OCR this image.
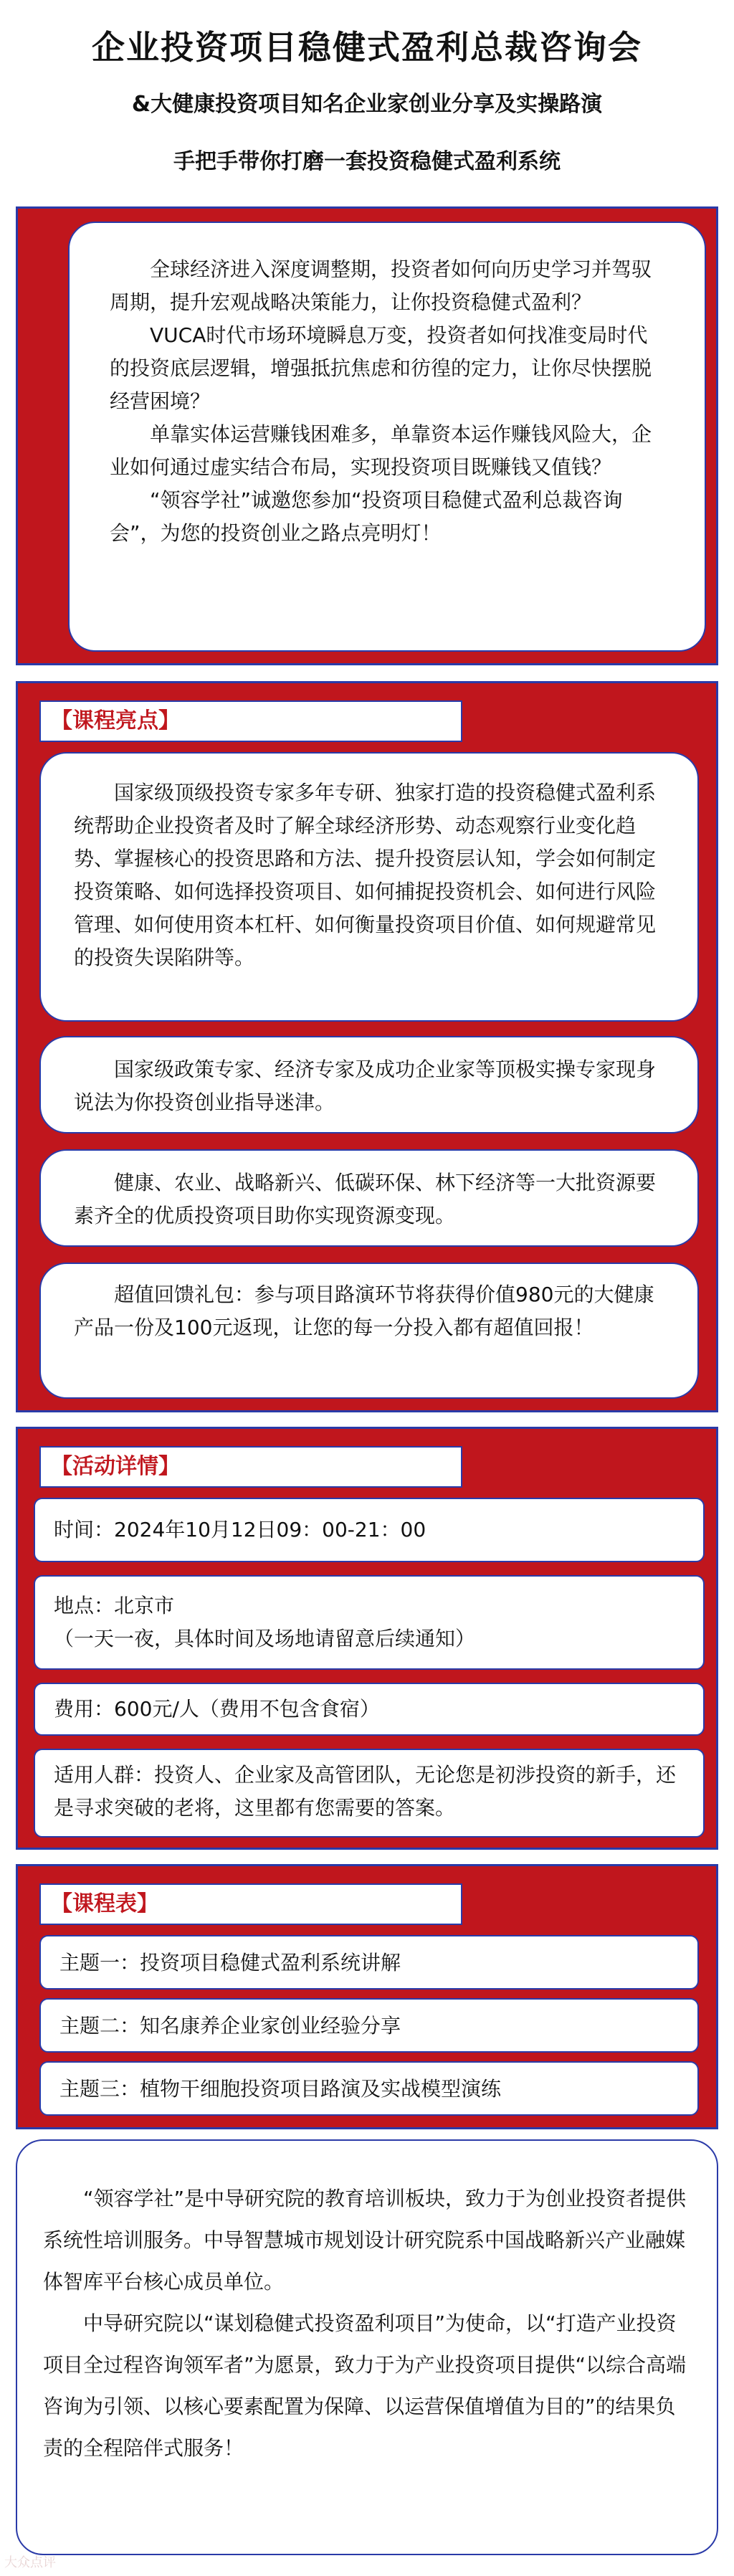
企业投资项目稳健式盈利总裁咨询会
&大健康投资项目知名企业家创业分享及实操路演
手把手带你打磨一套投资稳健式盈利系统

全球经济进入深度调整期，投资者如何向历史学习并驾驭周期，提升宏观战略决策能力，让你投资稳健式盈利？

VUCA时代市场环境瞬息万变，投资者如何找准变局时代的投资底层逻辑，增强抵抗焦虑和彷徨的定力，让你尽快摆脱经营困境？

单靠实体运营赚钱困难多，单靠资本运作赚钱风险大，企业如何通过虚实结合布局，实现投资项目既赚钱又值钱？

“领容学社”诚邀您参加“投资项目稳健式盈利总裁咨询会”，为您的投资创业之路点亮明灯！

【课程亮点】

国家级顶级投资专家多年专研、独家打造的投资稳健式盈利系统帮助企业投资者及时了解全球经济形势、动态观察行业变化趋势、掌握核心的投资思路和方法、提升投资层认知，学会如何制定投资策略、如何选择投资项目、如何捕捉投资机会、如何进行风险管理、如何使用资本杠杆、如何衡量投资项目价值、如何规避常见的投资失误陷阱等。

国家级政策专家、经济专家及成功企业家等顶极实操专家现身说法为你投资创业指导迷津。

健康、农业、战略新兴、低碳环保、林下经济等一大批资源要素齐全的优质投资项目助你实现资源变现。

超值回馈礼包：参与项目路演环节将获得价值980元的大健康产品一份及100元返现，让您的每一分投入都有超值回报！

【活动详情】

时间：2024年10月12日09：00-21：00

地点：北京市

（一天一夜，具体时间及场地请留意后续通知）

费用：600元/人（费用不包含食宿）

适用人群：投资人、企业家及高管团队，无论您是初涉投资的新手，还是寻求突破的老将，这里都有您需要的答案。

【课程表】

主题一：投资项目稳健式盈利系统讲解

主题二：知名康养企业家创业经验分享

主题三：植物干细胞投资项目路演及实战模型演练

“领容学社”是中导研究院的教育培训板块，致力于为创业投资者提供系统性培训服务。中导智慧城市规划设计研究院系中国战略新兴产业融媒体智库平台核心成员单位。

中导研究院以“谋划稳健式投资盈利项目”为使命，以“打造产业投资项目全过程咨询领军者”为愿景，致力于为产业投资项目提供“以综合高端咨询为引领、以核心要素配置为保障、以运营保值增值为目的”的结果负责的全程陪伴式服务！

大众点评
